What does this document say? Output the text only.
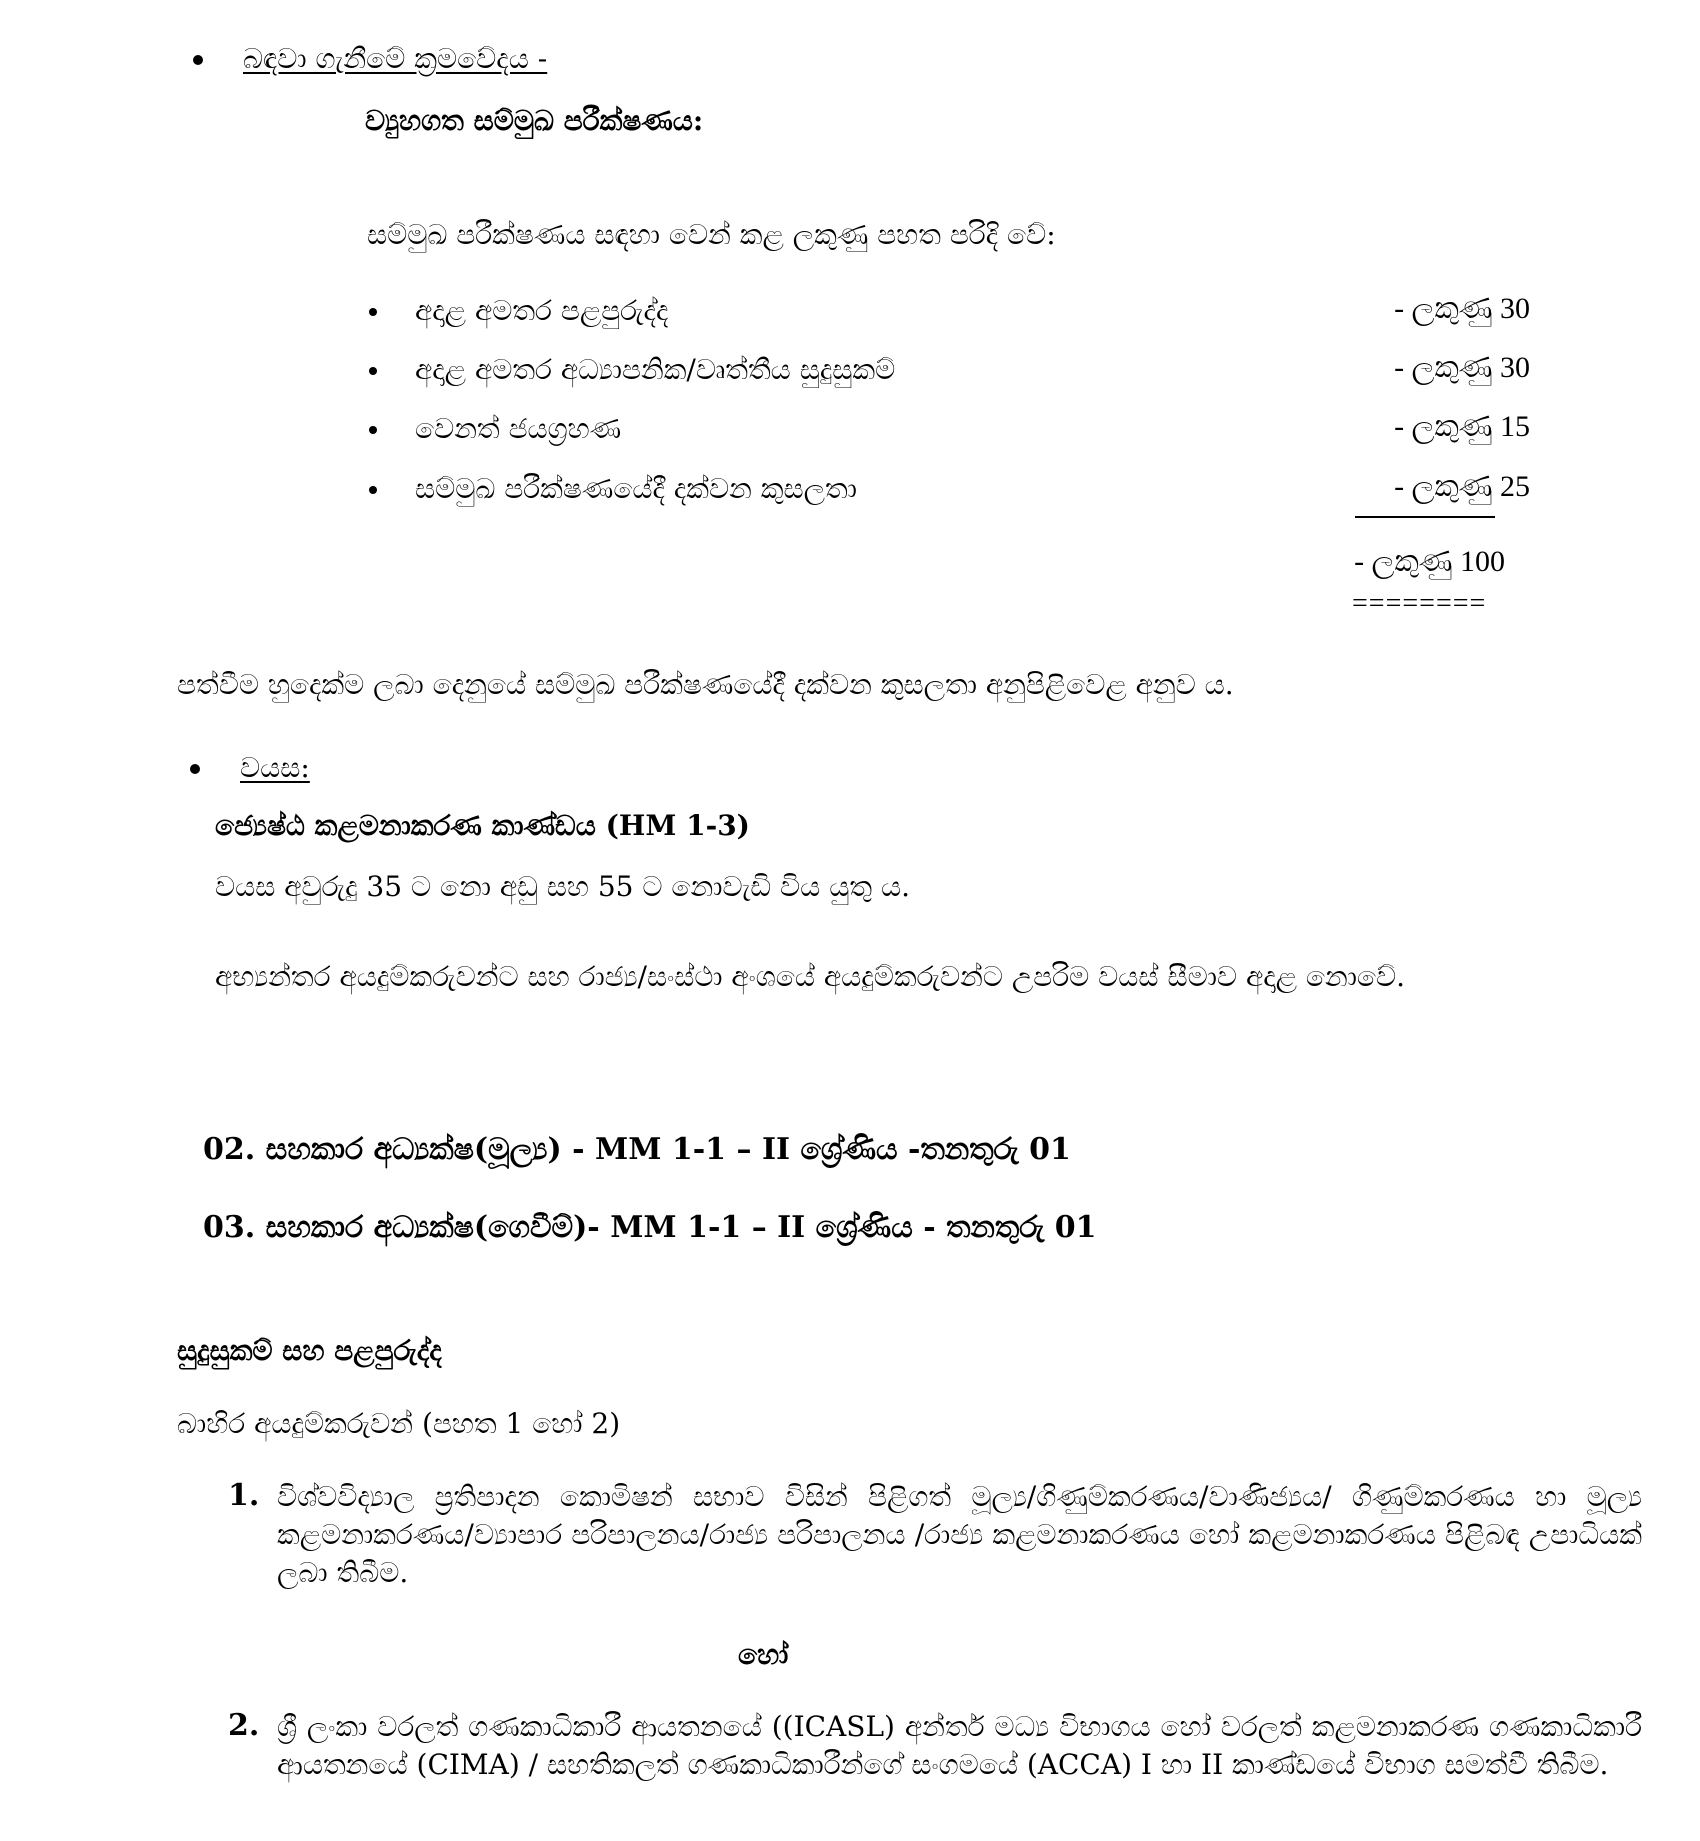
බඳවා ගැනීමේ ක්‍රමවේදය -
ව්‍යුහගත සම්මුඛ පරීක්ෂණය:
සම්මුඛ පරීක්ෂණය සඳහා වෙන් කළ ලකුණු පහත පරිදි වේ:
අදාළ අමතර පළපුරුද්ද	- ලකුණු 30
අදාළ අමතර අධ්‍යාපනික/වෘත්තීය සුදුසුකම්	- ලකුණු 30
වෙනත් ජයග්‍රහණ	- ලකුණු 15
සම්මුඛ පරීක්ෂණයේදී දක්වන කුසලතා	- ලකුණු 25
- ලකුණු 100
========
පත්වීම හුදෙක්ම ලබා දෙනුයේ සම්මුඛ පරීක්ෂණයේදී දක්වන කුසලතා අනුපිළිවෙළ අනුව ය.
වයස:
ජ්‍යෙෂ්ඨ කළමනාකරණ කාණ්ඩය (HM 1-3)
වයස අවුරුදු 35 ට නො අඩු සහ 55 ට නොවැඩි විය යුතු ය.
අභ්‍යන්තර අයදුම්කරුවන්ට සහ රාජ්‍ය/සංස්ථා අංශයේ අයදුම්කරුවන්ට උපරිම වයස් සීමාව අදාළ නොවේ.
02. සහකාර අධ්‍යක්ෂ(මූල්‍ය) - MM 1-1 – II ශ්‍රේණිය -තනතුරු 01
03. සහකාර අධ්‍යක්ෂ(ගෙවීම්)- MM 1-1 – II ශ්‍රේණිය - තනතුරු 01
සුදුසුකම් සහ පළපුරුද්ද
බාහිර අයදුම්කරුවන් (පහත 1 හෝ 2)
1. විශ්වවිද්‍යාල ප්‍රතිපාදන කොමිෂන් සභාව විසින් පිළිගත් මූල්‍ය/ගිණුම්කරණය/වාණිජ්‍යය/ ගිණුම්කරණය හා මූල්‍ය කළමනාකරණය/ව්‍යාපාර පරිපාලනය/රාජ්‍ය පරිපාලනය /රාජ්‍ය කළමනාකරණය හෝ කළමනාකරණය පිළිබඳ උපාධියක් ලබා තිබීම.
හෝ
2. ශ්‍රී ලංකා වරලත් ගණකාධිකාරී ආයතනයේ ((ICASL) අන්තර් මධ්‍ය විභාගය හෝ වරලත් කළමනාකරණ ගණකාධිකාරී ආයතනයේ (CIMA) / සහතිකලත් ගණකාධිකාරීන්ගේ සංගමයේ (ACCA) I හා II කාණ්ඩයේ විභාග සමත්වී තිබීම.
